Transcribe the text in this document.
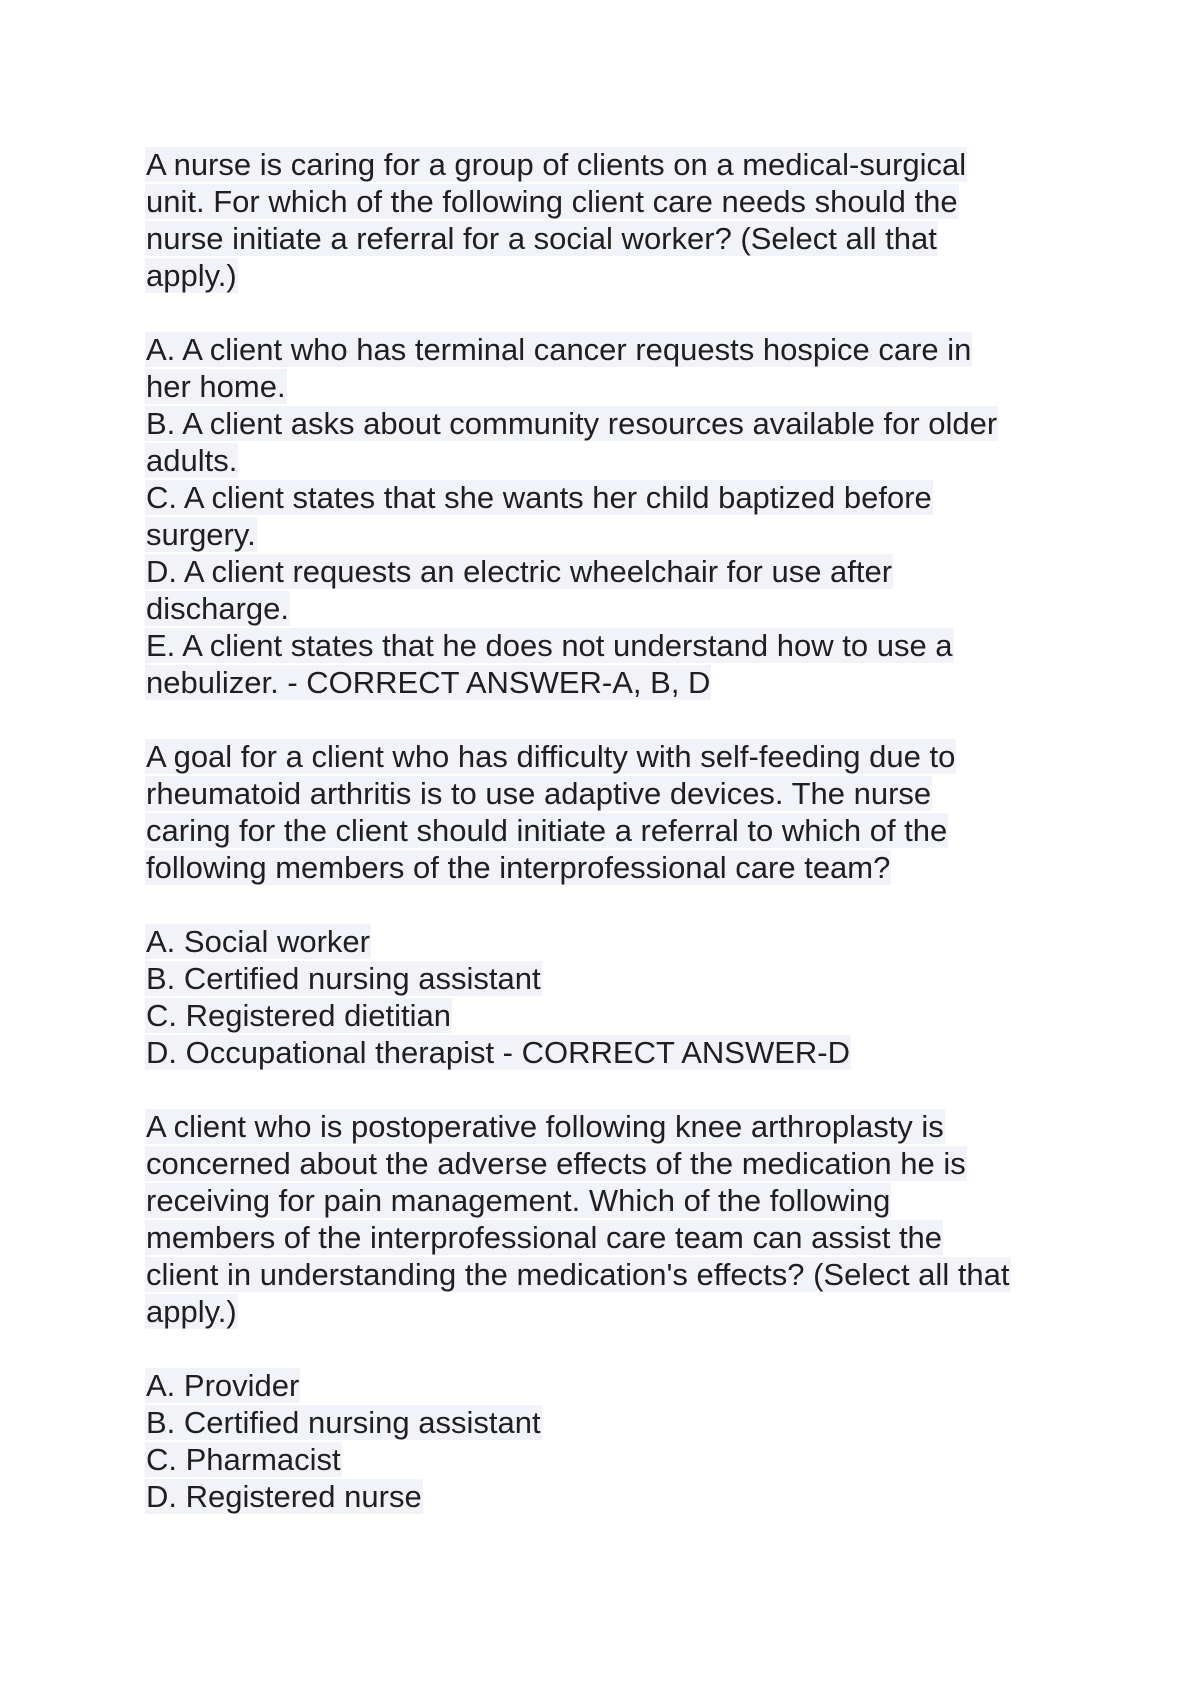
A nurse is caring for a group of clients on a medical-surgical
unit. For which of the following client care needs should the
nurse initiate a referral for a social worker? (Select all that
apply.)
A. A client who has terminal cancer requests hospice care in
her home.
B. A client asks about community resources available for older
adults.
C. A client states that she wants her child baptized before
surgery.
D. A client requests an electric wheelchair for use after
discharge.
E. A client states that he does not understand how to use a
nebulizer. - CORRECT ANSWER-A, B, D
A goal for a client who has difficulty with self-feeding due to
rheumatoid arthritis is to use adaptive devices. The nurse
caring for the client should initiate a referral to which of the
following members of the interprofessional care team?
A. Social worker
B. Certified nursing assistant
C. Registered dietitian
D. Occupational therapist - CORRECT ANSWER-D
A client who is postoperative following knee arthroplasty is
concerned about the adverse effects of the medication he is
receiving for pain management. Which of the following
members of the interprofessional care team can assist the
client in understanding the medication's effects? (Select all that
apply.)
A. Provider
B. Certified nursing assistant
C. Pharmacist
D. Registered nurse
